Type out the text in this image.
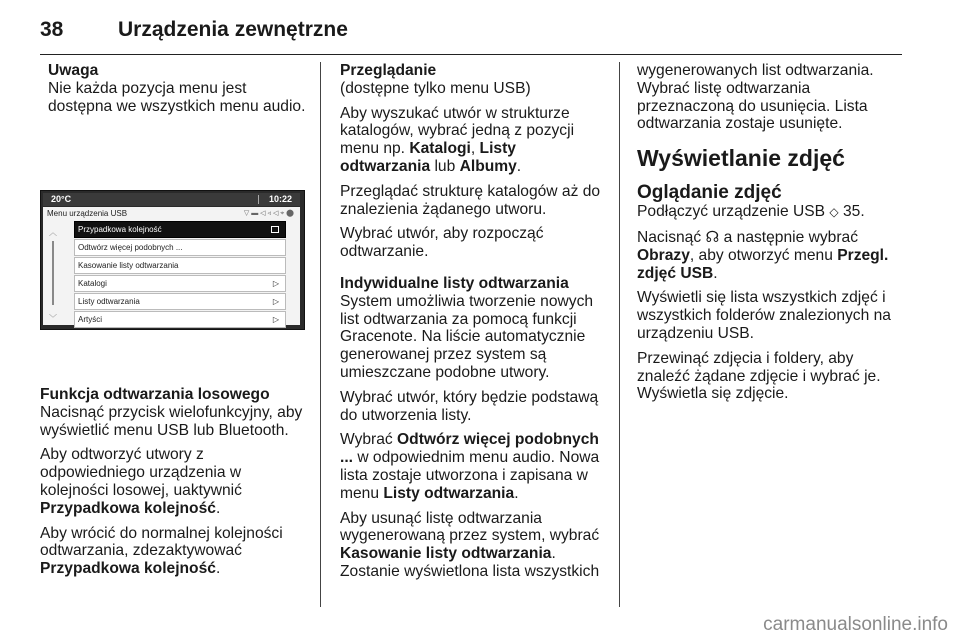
38	Urządzenia zewnętrzne
Uwaga
Nie każda pozycja menu jest dostępna we wszystkich menu audio.
20°C	10:22
Menu urządzenia USB	▽ ▬ ◁ ◃ ◁ ⌖ ⬤
︿
﹀
Przypadkowa kolejność
Odtwórz więcej podobnych ...
Kasowanie listy odtwarzania
Katalogi	▷
Listy odtwarzania	▷
Artyści	▷
Funkcja odtwarzania losowego

Nacisnąć przycisk wielofunkcyjny, aby wyświetlić menu USB lub Bluetooth.

Aby odtworzyć utwory z odpowiedniego urządzenia w kolejności losowej, uaktywnić Przypadkowa kolejność.

Aby wrócić do normalnej kolejności odtwarzania, zdezaktywować Przypadkowa kolejność.

Przeglądanie

(dostępne tylko menu USB)

Aby wyszukać utwór w strukturze katalogów, wybrać jedną z pozycji menu np. Katalogi, Listy odtwarzania lub Albumy.

Przeglądać strukturę katalogów aż do znalezienia żądanego utworu.

Wybrać utwór, aby rozpocząć odtwarzanie.

Indywidualne listy odtwarzania

System umożliwia tworzenie nowych list odtwarzania za pomocą funkcji Gracenote. Na liście automatycznie generowanej przez system są umieszczane podobne utwory.

Wybrać utwór, który będzie podstawą do utworzenia listy.

Wybrać Odtwórz więcej podobnych ... w odpowiednim menu audio. Nowa lista zostaje utworzona i zapisana w menu Listy odtwarzania.

Aby usunąć listę odtwarzania wygenerowaną przez system, wybrać Kasowanie listy odtwarzania.
Zostanie wyświetlona lista wszystkich

wygenerowanych list odtwarzania. Wybrać listę odtwarzania przeznaczoną do usunięcia. Lista odtwarzania zostaje usunięte.

Wyświetlanie zdjęć
Oglądanie zdjęć

Podłączyć urządzenie USB ◇ 35.

Nacisnąć ☊ a następnie wybrać Obrazy, aby otworzyć menu Przegl. zdjęć USB.

Wyświetli się lista wszystkich zdjęć i wszystkich folderów znalezionych na urządzeniu USB.

Przewinąć zdjęcia i foldery, aby znaleźć żądane zdjęcie i wybrać je. Wyświetla się zdjęcie.

carmanualsonline.info
